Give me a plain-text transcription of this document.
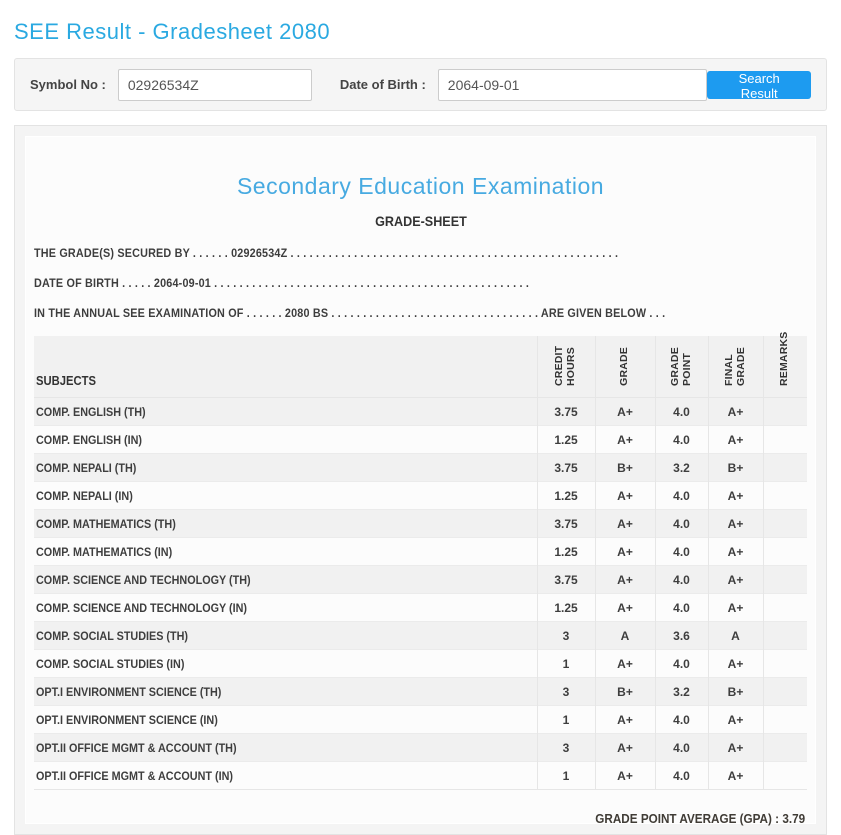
SEE Result - Gradesheet 2080
Symbol No :
02926534Z	Date of Birth :
2064-09-01	Search Result
Secondary Education Examination
GRADE-SHEET
THE GRADE(S) SECURED BY . . . . . . 02926534Z . . . . . . . . . . . . . . . . . . . . . . . . . . . . . . . . . . . . . . . . . . . . . . . . . . . .
DATE OF BIRTH . . . . . 2064-09-01 . . . . . . . . . . . . . . . . . . . . . . . . . . . . . . . . . . . . . . . . . . . . . . . . . .
IN THE ANNUAL SEE EXAMINATION OF . . . . . . 2080 BS . . . . . . . . . . . . . . . . . . . . . . . . . . . . . . . . . ARE GIVEN BELOW . . .
SUBJECTS	CREDIT HOURS	GRADE	GRADE POINT	FINAL GRADE	REMARKS
COMP. ENGLISH (TH)	3.75	A+	4.0	A+	
COMP. ENGLISH (IN)	1.25	A+	4.0	A+	
COMP. NEPALI (TH)	3.75	B+	3.2	B+	
COMP. NEPALI (IN)	1.25	A+	4.0	A+	
COMP. MATHEMATICS (TH)	3.75	A+	4.0	A+	
COMP. MATHEMATICS (IN)	1.25	A+	4.0	A+	
COMP. SCIENCE AND TECHNOLOGY (TH)	3.75	A+	4.0	A+	
COMP. SCIENCE AND TECHNOLOGY (IN)	1.25	A+	4.0	A+	
COMP. SOCIAL STUDIES (TH)	3	A	3.6	A	
COMP. SOCIAL STUDIES (IN)	1	A+	4.0	A+	
OPT.I ENVIRONMENT SCIENCE (TH)	3	B+	3.2	B+	
OPT.I ENVIRONMENT SCIENCE (IN)	1	A+	4.0	A+	
OPT.II OFFICE MGMT & ACCOUNT (TH)	3	A+	4.0	A+	
OPT.II OFFICE MGMT & ACCOUNT (IN)	1	A+	4.0	A+	
GRADE POINT AVERAGE (GPA) : 3.79
